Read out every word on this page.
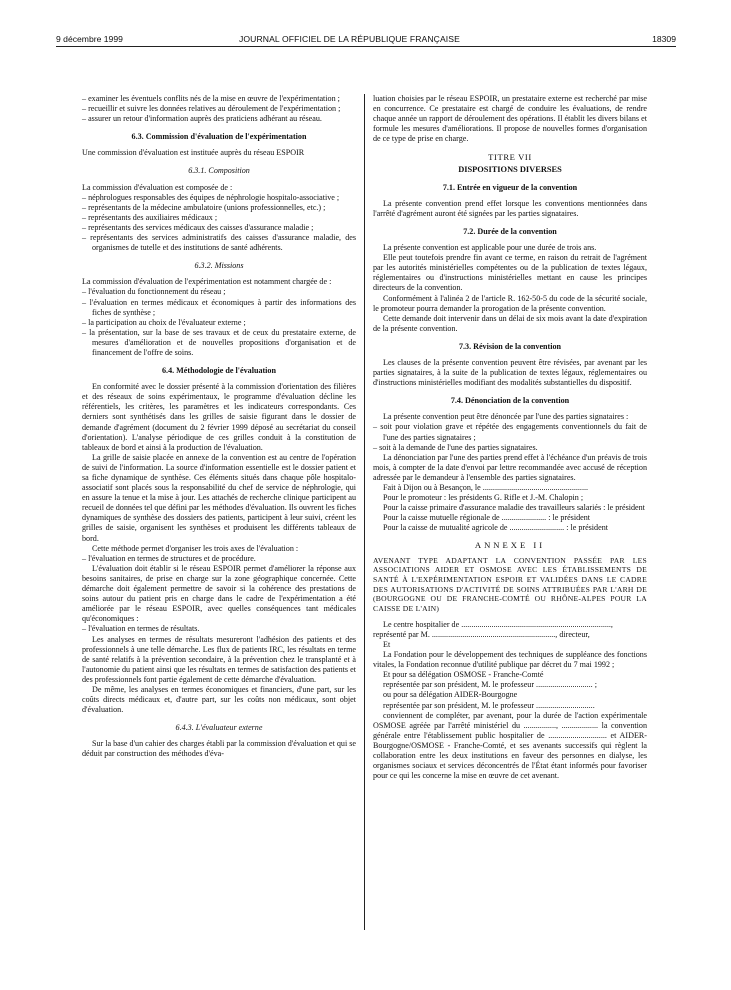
9 décembre 1999	JOURNAL OFFICIEL DE LA RÉPUBLIQUE FRANÇAISE	18309

– examiner les éventuels conflits nés de la mise en œuvre de l'expérimentation ;

– recueillir et suivre les données relatives au déroulement de l'expérimentation ;

– assurer un retour d'information auprès des praticiens adhérant au réseau.

6.3. Commission d'évaluation de l'expérimentation

Une commission d'évaluation est instituée auprès du réseau ESPOIR

6.3.1. Composition

La commission d'évaluation est composée de :

– néphrologues responsables des équipes de néphrologie hospitalo-associative ;

– représentants de la médecine ambulatoire (unions professionnelles, etc.) ;

– représentants des auxiliaires médicaux ;

– représentants des services médicaux des caisses d'assurance maladie ;

– représentants des services administratifs des caisses d'assurance maladie, des organismes de tutelle et des institutions de santé adhérents.

6.3.2. Missions

La commission d'évaluation de l'expérimentation est notamment chargée de :

– l'évaluation du fonctionnement du réseau ;

– l'évaluation en termes médicaux et économiques à partir des informations des fiches de synthèse ;

– la participation au choix de l'évaluateur externe ;

– la présentation, sur la base de ses travaux et de ceux du prestataire externe, de mesures d'amélioration et de nouvelles propositions d'organisation et de financement de l'offre de soins.

6.4. Méthodologie de l'évaluation

En conformité avec le dossier présenté à la commission d'orientation des filières et des réseaux de soins expérimentaux, le programme d'évaluation décline les référentiels, les critères, les paramètres et les indicateurs correspondants. Ces derniers sont synthétisés dans les grilles de saisie figurant dans le dossier de demande d'agrément (document du 2 février 1999 déposé au secrétariat du conseil d'orientation). L'analyse périodique de ces grilles conduit à la constitution de tableaux de bord et ainsi à la production de l'évaluation.

La grille de saisie placée en annexe de la convention est au centre de l'opération de suivi de l'information. La source d'information essentielle est le dossier patient et sa fiche dynamique de synthèse. Ces éléments situés dans chaque pôle hospitalo-associatif sont placés sous la responsabilité du chef de service de néphrologie, qui en assure la tenue et la mise à jour. Les attachés de recherche clinique participent au recueil de données tel que défini par les méthodes d'évaluation. Ils ouvrent les fiches dynamiques de synthèse des dossiers des patients, participent à leur suivi, créent les grilles de saisie, organisent les synthèses et produisent les différents tableaux de bord.

Cette méthode permet d'organiser les trois axes de l'évaluation :

– l'évaluation en termes de structures et de procédure.

L'évaluation doit établir si le réseau ESPOIR permet d'améliorer la réponse aux besoins sanitaires, de prise en charge sur la zone géographique concernée. Cette démarche doit également permettre de savoir si la cohérence des prestations de soins autour du patient pris en charge dans le cadre de l'expérimentation a été améliorée par le réseau ESPOIR, avec quelles conséquences tant médicales qu'économiques :

– l'évaluation en termes de résultats.

Les analyses en termes de résultats mesureront l'adhésion des patients et des professionnels à une telle démarche. Les flux de patients IRC, les résultats en terme de santé relatifs à la prévention secondaire, à la prévention chez le transplanté et à l'autonomie du patient ainsi que les résultats en termes de satisfaction des patients et des professionnels font partie également de cette démarche d'évaluation.

De même, les analyses en termes économiques et financiers, d'une part, sur les coûts directs médicaux et, d'autre part, sur les coûts non médicaux, sont objet d'évaluation.

6.4.3. L'évaluateur externe

Sur la base d'un cahier des charges établi par la commission d'évaluation et qui se déduit par construction des méthodes d'éva-

luation choisies par le réseau ESPOIR, un prestataire externe est recherché par mise en concurrence. Ce prestataire est chargé de conduire les évaluations, de rendre chaque année un rapport de déroulement des opérations. Il établit les divers bilans et formule les mesures d'améliorations. Il propose de nouvelles formes d'organisation de ce type de prise en charge.

TITRE VII
DISPOSITIONS DIVERSES
7.1. Entrée en vigueur de la convention

La présente convention prend effet lorsque les conventions mentionnées dans l'arrêté d'agrément auront été signées par les parties signataires.

7.2. Durée de la convention

La présente convention est applicable pour une durée de trois ans.

Elle peut toutefois prendre fin avant ce terme, en raison du retrait de l'agrément par les autorités ministérielles compétentes ou de la publication de textes légaux, réglementaires ou d'instructions ministérielles mettant en cause les principes directeurs de la convention.

Conformément à l'alinéa 2 de l'article R. 162-50-5 du code de la sécurité sociale, le promoteur pourra demander la prorogation de la présente convention.

Cette demande doit intervenir dans un délai de six mois avant la date d'expiration de la présente convention.

7.3. Révision de la convention

Les clauses de la présente convention peuvent être révisées, par avenant par les parties signataires, à la suite de la publication de textes légaux, réglementaires ou d'instructions ministérielles modifiant des modalités substantielles du dispositif.

7.4. Dénonciation de la convention

La présente convention peut être dénoncée par l'une des parties signataires :

– soit pour violation grave et répétée des engagements conventionnels du fait de l'une des parties signataires ;

– soit à la demande de l'une des parties signataires.

La dénonciation par l'une des parties prend effet à l'échéance d'un préavis de trois mois, à compter de la date d'envoi par lettre recommandée avec accusé de réception adressée par le demandeur à l'ensemble des parties signataires.

Fait à Dijon ou à Besançon, le ....................................................

Pour le promoteur : les présidents G. Rifle et J.-M. Chalopin ;

Pour la caisse primaire d'assurance maladie des travailleurs salariés : le président

Pour la caisse mutuelle régionale de ...................... : le président

Pour la caisse de mutualité agricole de ........................... : le président

ANNEXE II

AVENANT TYPE ADAPTANT LA CONVENTION PASSÉE PAR LES ASSOCIATIONS AIDER ET OSMOSE AVEC LES ÉTABLISSEMENTS DE SANTÉ À L'EXPÉRIMENTATION ESPOIR ET VALIDÉES DANS LE CADRE DES AUTORISATIONS D'ACTIVITÉ DE SOINS ATTRIBUÉES PAR L'ARH DE (BOURGOGNE OU DE FRANCHE-COMTÉ OU RHÔNE-ALPES POUR LA CAISSE DE L'AIN)

Le centre hospitalier de ..........................................................................,

représenté par M. ............................................................., directeur,

Et

La Fondation pour le développement des techniques de suppléance des fonctions vitales, la Fondation reconnue d'utilité publique par décret du 7 mai 1992 ;

Et pour sa délégation OSMOSE - Franche-Comté

représentée par son président, M. le professeur ............................ ;

ou pour sa délégation AIDER-Bourgogne

représentée par son président, M. le professeur .............................

conviennent de compléter, par avenant, pour la durée de l'action expérimentale OSMOSE agréée par l'arrêté ministériel du ................, .................. la convention générale entre l'établissement public hospitalier de ............................. et AIDER-Bourgogne/OSMOSE - Franche-Comté, et ses avenants successifs qui règlent la collaboration entre les deux institutions en faveur des personnes en dialyse, les organismes sociaux et services déconcentrés de l'État étant informés pour favoriser pour ce qui les concerne la mise en œuvre de cet avenant.
